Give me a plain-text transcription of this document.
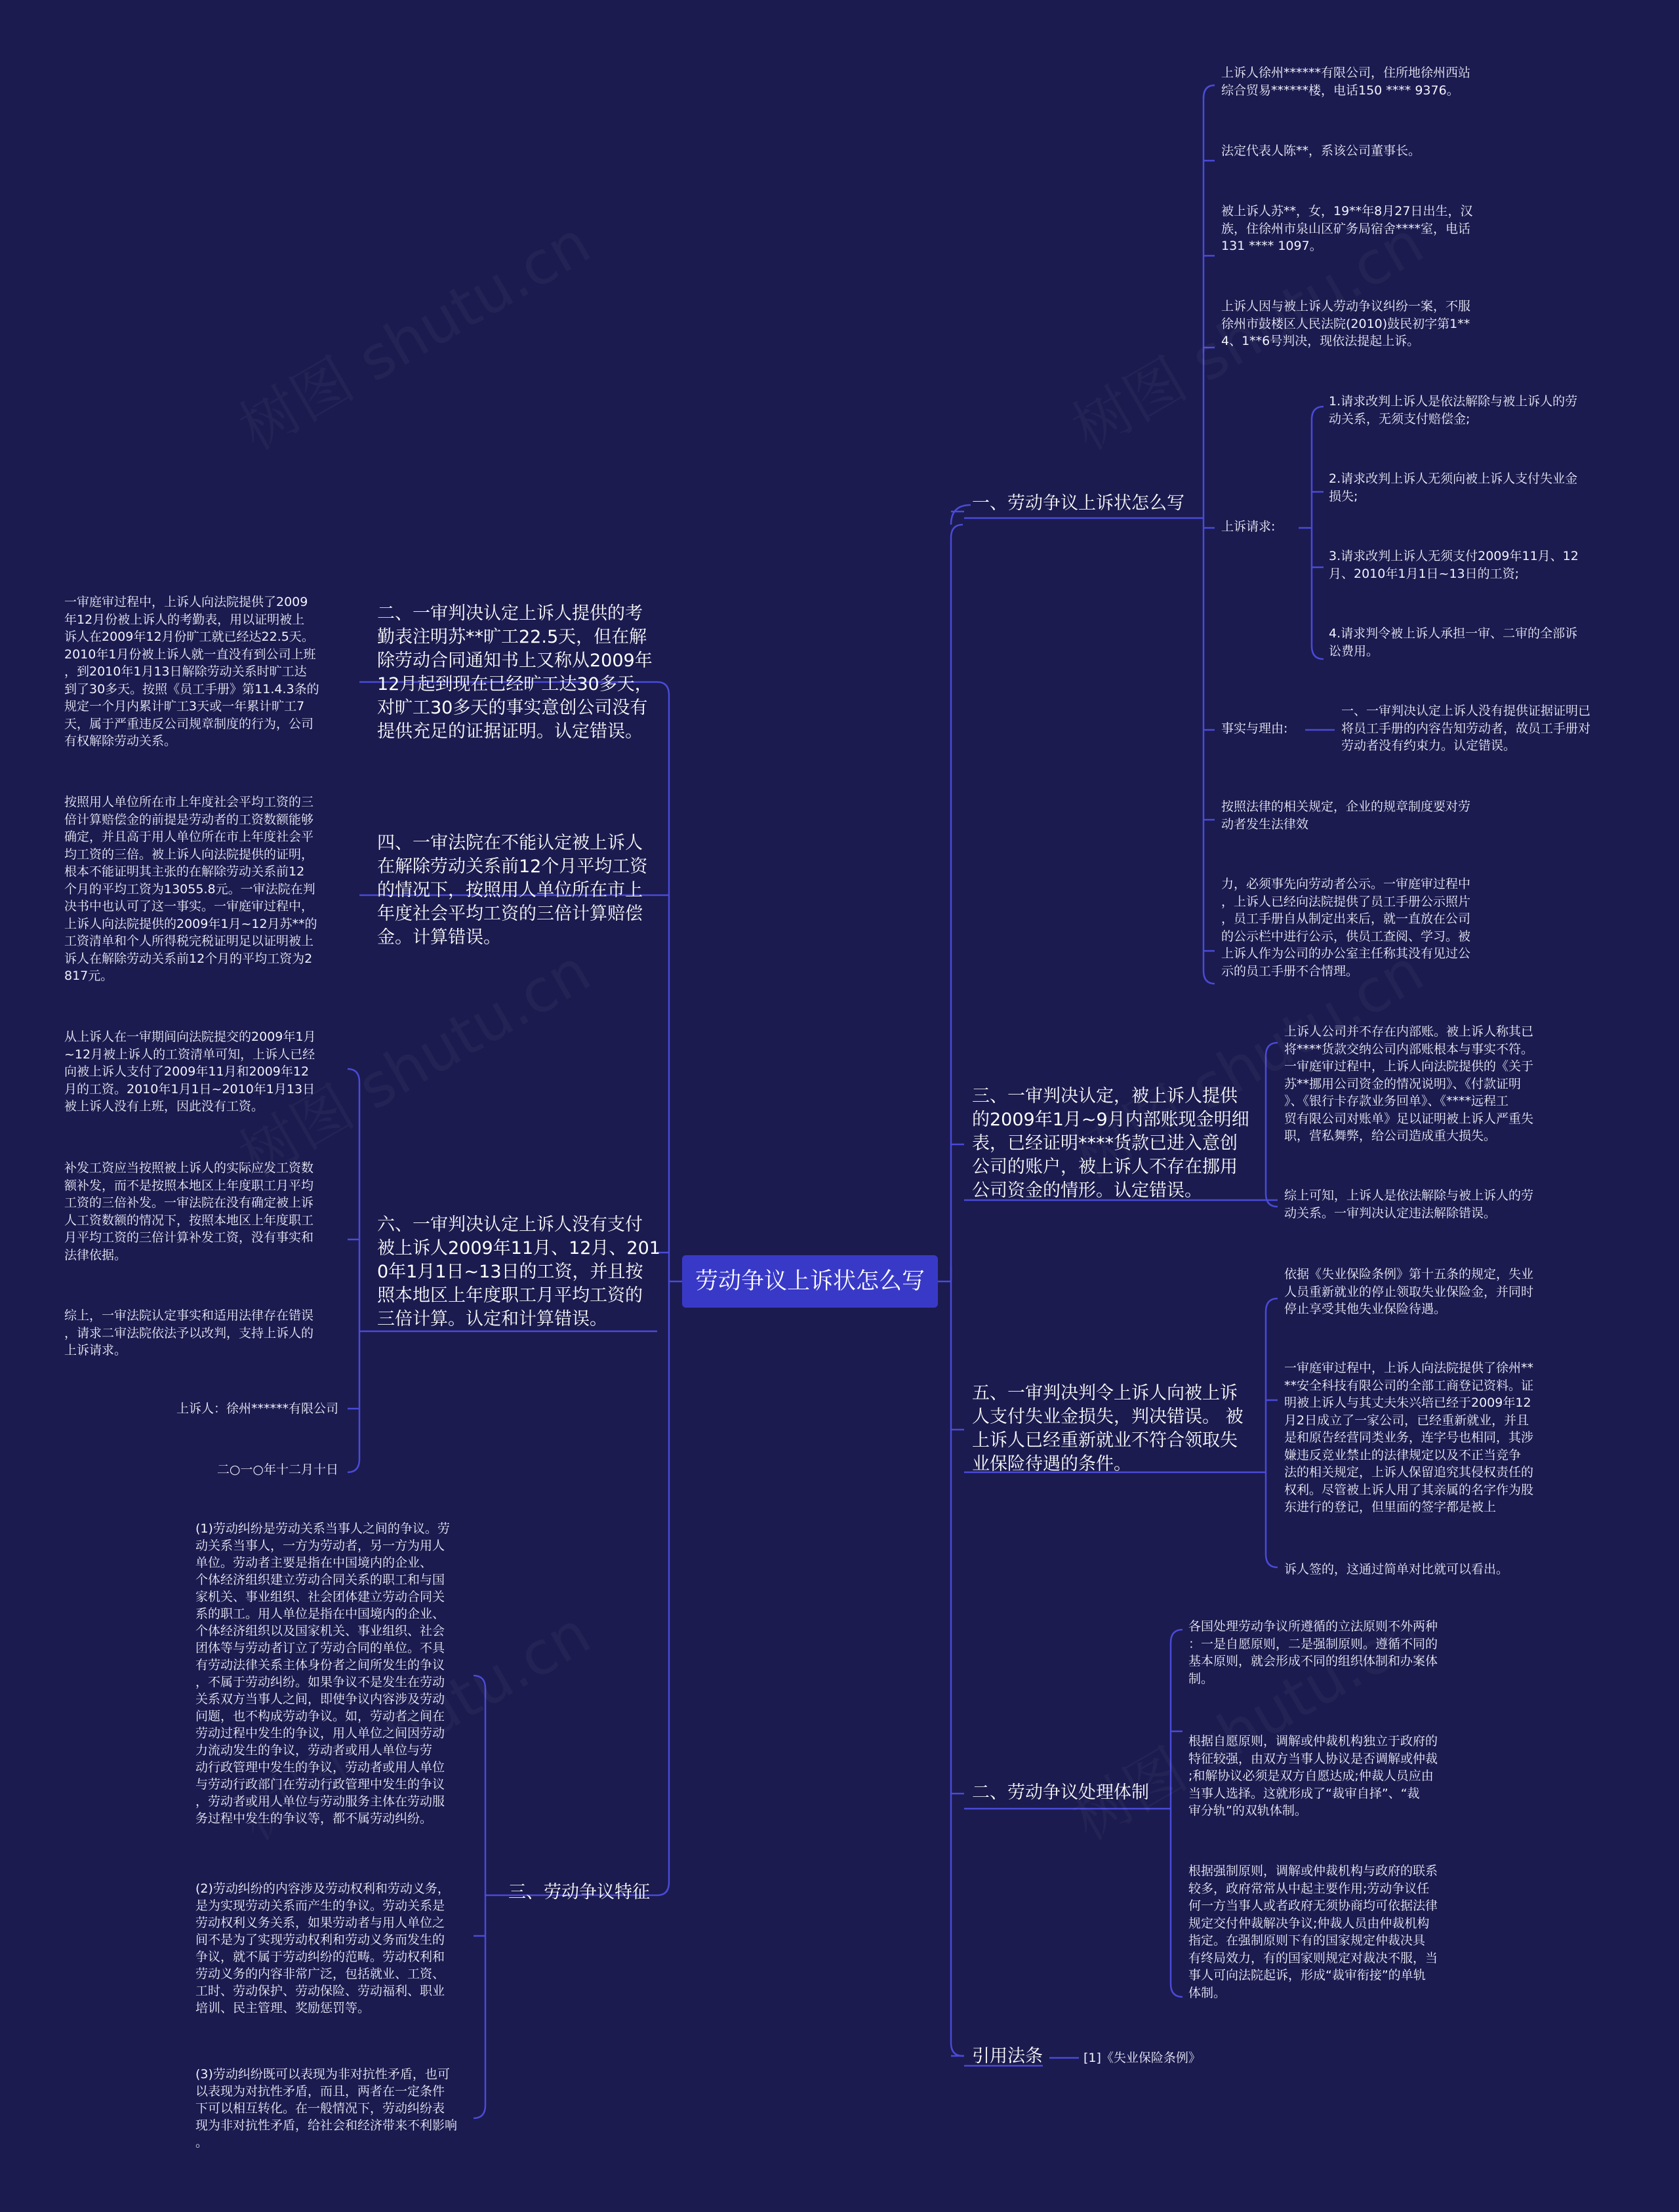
劳动争议上诉状怎么写
一、劳动争议上诉状怎么写
上诉人徐州******有限公司，住所地徐州西站
综合贸易******楼，电话150 **** 9376。
法定代表人陈**，系该公司董事长。
被上诉人苏**，女，19**年8月27日出生，汉
族，住徐州市泉山区矿务局宿舍****室，电话
131 **** 1097。
上诉人因与被上诉人劳动争议纠纷一案，不服
徐州市鼓楼区人民法院(2010)鼓民初字第1**
4、1**6号判决，现依法提起上诉。
上诉请求:
1.请求改判上诉人是依法解除与被上诉人的劳
动关系，无须支付赔偿金;
2.请求改判上诉人无须向被上诉人支付失业金
损失;
3.请求改判上诉人无须支付2009年11月、12
月、2010年1月1日~13日的工资;
4.请求判令被上诉人承担一审、二审的全部诉
讼费用。
事实与理由:
一、一审判决认定上诉人没有提供证据证明已
将员工手册的内容告知劳动者，故员工手册对
劳动者没有约束力。认定错误。
按照法律的相关规定，企业的规章制度要对劳
动者发生法律效
力，必须事先向劳动者公示。一审庭审过程中
，上诉人已经向法院提供了员工手册公示照片
，员工手册自从制定出来后，就一直放在公司
的公示栏中进行公示，供员工查阅、学习。被
上诉人作为公司的办公室主任称其没有见过公
示的员工手册不合情理。
三、一审判决认定，被上诉人提供
的2009年1月~9月内部账现金明细
表，已经证明****货款已进入意创
公司的账户，被上诉人不存在挪用
公司资金的情形。认定错误。
上诉人公司并不存在内部账。被上诉人称其已
将****货款交纳公司内部账根本与事实不符。
一审庭审过程中，上诉人向法院提供的《关于
苏**挪用公司资金的情况说明》、《付款证明
》、《银行卡存款业务回单》、《****远程工
贸有限公司对账单》足以证明被上诉人严重失
职，营私舞弊，给公司造成重大损失。
综上可知，上诉人是依法解除与被上诉人的劳
动关系。一审判决认定违法解除错误。
五、一审判决判令上诉人向被上诉
人支付失业金损失，判决错误。 被
上诉人已经重新就业不符合领取失
业保险待遇的条件。
依据《失业保险条例》第十五条的规定，失业
人员重新就业的停止领取失业保险金，并同时
停止享受其他失业保险待遇。
一审庭审过程中，上诉人向法院提供了徐州**
**安全科技有限公司的全部工商登记资料。证
明被上诉人与其丈夫朱兴培已经于2009年12
月2日成立了一家公司，已经重新就业，并且
是和原告经营同类业务，连字号也相同，其涉
嫌违反竞业禁止的法律规定以及不正当竞争
法的相关规定，上诉人保留追究其侵权责任的
权利。尽管被上诉人用了其亲属的名字作为股
东进行的登记，但里面的签字都是被上
诉人签的，这通过简单对比就可以看出。
二、劳动争议处理体制
各国处理劳动争议所遵循的立法原则不外两种
：一是自愿原则，二是强制原则。遵循不同的
基本原则，就会形成不同的组织体制和办案体
制。
根据自愿原则，调解或仲裁机构独立于政府的
特征较强，由双方当事人协议是否调解或仲裁
;和解协议必须是双方自愿达成;仲裁人员应由
当事人选择。这就形成了“裁审自择”、“裁
审分轨”的双轨体制。
根据强制原则，调解或仲裁机构与政府的联系
较多，政府常常从中起主要作用;劳动争议任
何一方当事人或者政府无须协商均可依据法律
规定交付仲裁解决争议;仲裁人员由仲裁机构
指定。在强制原则下有的国家规定仲裁决具
有终局效力，有的国家则规定对裁决不服，当
事人可向法院起诉，形成“裁审衔接”的单轨
体制。
引用法条	[1]《失业保险条例》
二、一审判决认定上诉人提供的考
勤表注明苏**旷工22.5天，但在解
除劳动合同通知书上又称从2009年
12月起到现在已经旷工达30多天，
对旷工30多天的事实意创公司没有
提供充足的证据证明。认定错误。
一审庭审过程中，上诉人向法院提供了2009
年12月份被上诉人的考勤表，用以证明被上
诉人在2009年12月份旷工就已经达22.5天。
2010年1月份被上诉人就一直没有到公司上班
，到2010年1月13日解除劳动关系时旷工达
到了30多天。按照《员工手册》第11.4.3条的
规定一个月内累计旷工3天或一年累计旷工7
天，属于严重违反公司规章制度的行为，公司
有权解除劳动关系。
四、一审法院在不能认定被上诉人
在解除劳动关系前12个月平均工资
的情况下，按照用人单位所在市上
年度社会平均工资的三倍计算赔偿
金。计算错误。
按照用人单位所在市上年度社会平均工资的三
倍计算赔偿金的前提是劳动者的工资数额能够
确定，并且高于用人单位所在市上年度社会平
均工资的三倍。被上诉人向法院提供的证明，
根本不能证明其主张的在解除劳动关系前12
个月的平均工资为13055.8元。一审法院在判
决书中也认可了这一事实。一审庭审过程中，
上诉人向法院提供的2009年1月~12月苏**的
工资清单和个人所得税完税证明足以证明被上
诉人在解除劳动关系前12个月的平均工资为2
817元。
六、一审判决认定上诉人没有支付
被上诉人2009年11月、12月、201
0年1月1日~13日的工资，并且按
照本地区上年度职工月平均工资的
三倍计算。认定和计算错误。
从上诉人在一审期间向法院提交的2009年1月
~12月被上诉人的工资清单可知，上诉人已经
向被上诉人支付了2009年11月和2009年12
月的工资。2010年1月1日~2010年1月13日
被上诉人没有上班，因此没有工资。
补发工资应当按照被上诉人的实际应发工资数
额补发，而不是按照本地区上年度职工月平均
工资的三倍补发。一审法院在没有确定被上诉
人工资数额的情况下，按照本地区上年度职工
月平均工资的三倍计算补发工资，没有事实和
法律依据。
综上，一审法院认定事实和适用法律存在错误
，请求二审法院依法予以改判，支持上诉人的
上诉请求。
上诉人：徐州******有限公司
二○一○年十二月十日
三、劳动争议特征
(1)劳动纠纷是劳动关系当事人之间的争议。劳
动关系当事人，一方为劳动者，另一方为用人
单位。劳动者主要是指在中国境内的企业、
个体经济组织建立劳动合同关系的职工和与国
家机关、事业组织、社会团体建立劳动合同关
系的职工。用人单位是指在中国境内的企业、
个体经济组织以及国家机关、事业组织、社会
团体等与劳动者订立了劳动合同的单位。不具
有劳动法律关系主体身份者之间所发生的争议
，不属于劳动纠纷。如果争议不是发生在劳动
关系双方当事人之间，即使争议内容涉及劳动
问题，也不构成劳动争议。如，劳动者之间在
劳动过程中发生的争议，用人单位之间因劳动
力流动发生的争议，劳动者或用人单位与劳
动行政管理中发生的争议，劳动者或用人单位
与劳动行政部门在劳动行政管理中发生的争议
，劳动者或用人单位与劳动服务主体在劳动服
务过程中发生的争议等，都不属劳动纠纷。
(2)劳动纠纷的内容涉及劳动权利和劳动义务，
是为实现劳动关系而产生的争议。劳动关系是
劳动权利义务关系，如果劳动者与用人单位之
间不是为了实现劳动权利和劳动义务而发生的
争议，就不属于劳动纠纷的范畴。劳动权利和
劳动义务的内容非常广泛，包括就业、工资、
工时、劳动保护、劳动保险、劳动福利、职业
培训、民主管理、奖励惩罚等。
(3)劳动纠纷既可以表现为非对抗性矛盾，也可
以表现为对抗性矛盾，而且，两者在一定条件
下可以相互转化。在一般情况下，劳动纠纷表
现为非对抗性矛盾，给社会和经济带来不利影响
。
